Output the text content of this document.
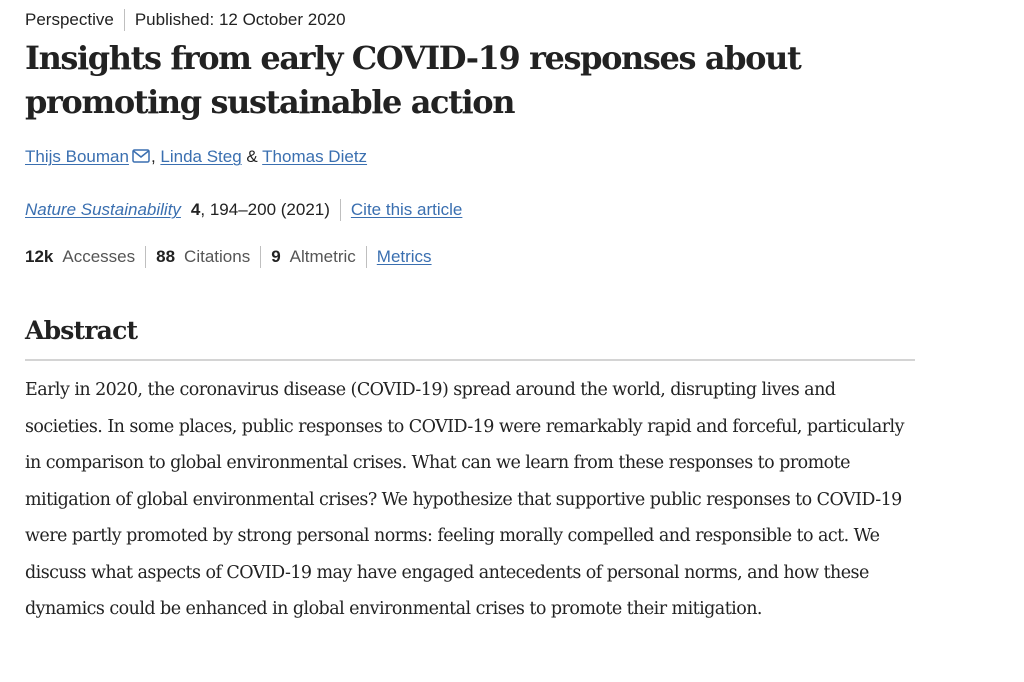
Perspective Published: 12 October 2020
Insights from early COVID-19 responses about promoting sustainable action
Thijs Bouman , Linda Steg & Thomas Dietz
Nature Sustainability 4 , 194–200 (2021) Cite this article
12k Accesses 88 Citations 9 Altmetric Metrics
Abstract

Early in 2020, the coronavirus disease (COVID-19) spread around the world, disrupting lives and societies. In some places, public responses to COVID-19 were remarkably rapid and forceful, particularly in comparison to global environmental crises. What can we learn from these responses to promote mitigation of global environmental crises? We hypothesize that supportive public responses to COVID-19 were partly promoted by strong personal norms: feeling morally compelled and responsible to act. We discuss what aspects of COVID-19 may have engaged antecedents of personal norms, and how these dynamics could be enhanced in global environmental crises to promote their mitigation.
